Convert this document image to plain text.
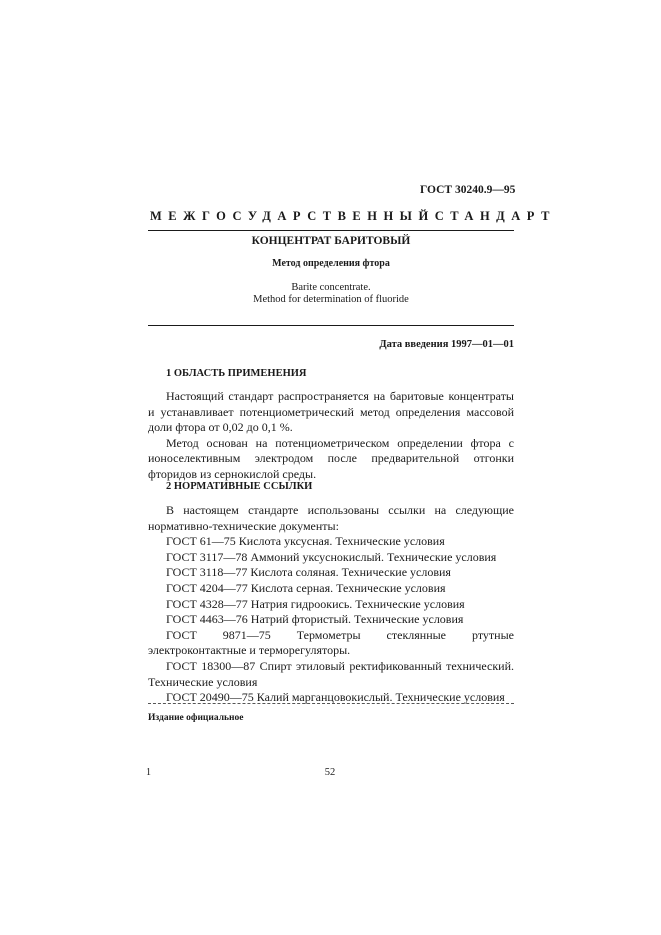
ГОСТ 30240.9—95
МЕЖГОСУДАРСТВЕННЫЙ СТАНДАРТ
КОНЦЕНТРАТ БАРИТОВЫЙ
Метод определения фтора
Barite concentrate.
Method for determination of fluoride
Дата введения 1997—01—01
1 ОБЛАСТЬ ПРИМЕНЕНИЯ

Настоящий стандарт распространяется на баритовые концентраты и устанавливает потенциометрический метод определения массовой доли фтора от 0,02 до 0,1 %.

Метод основан на потенциометрическом определении фтора с ионоселективным электродом после предварительной отгонки фторидов из сернокислой среды.

2 НОРМАТИВНЫЕ ССЫЛКИ

В настоящем стандарте использованы ссылки на следующие нормативно-технические документы:

ГОСТ 61—75 Кислота уксусная. Технические условия

ГОСТ 3117—78 Аммоний уксуснокислый. Технические условия

ГОСТ 3118—77 Кислота соляная. Технические условия

ГОСТ 4204—77 Кислота серная. Технические условия

ГОСТ 4328—77 Натрия гидроокись. Технические условия

ГОСТ 4463—76 Натрий фтористый. Технические условия

ГОСТ 9871—75 Термометры стеклянные ртутные электроконтактные и терморегуляторы.

ГОСТ 18300—87 Спирт этиловый ректификованный технический. Технические условия

ГОСТ 20490—75 Калий марганцовокислый. Технические условия

Издание официальное
1	52
